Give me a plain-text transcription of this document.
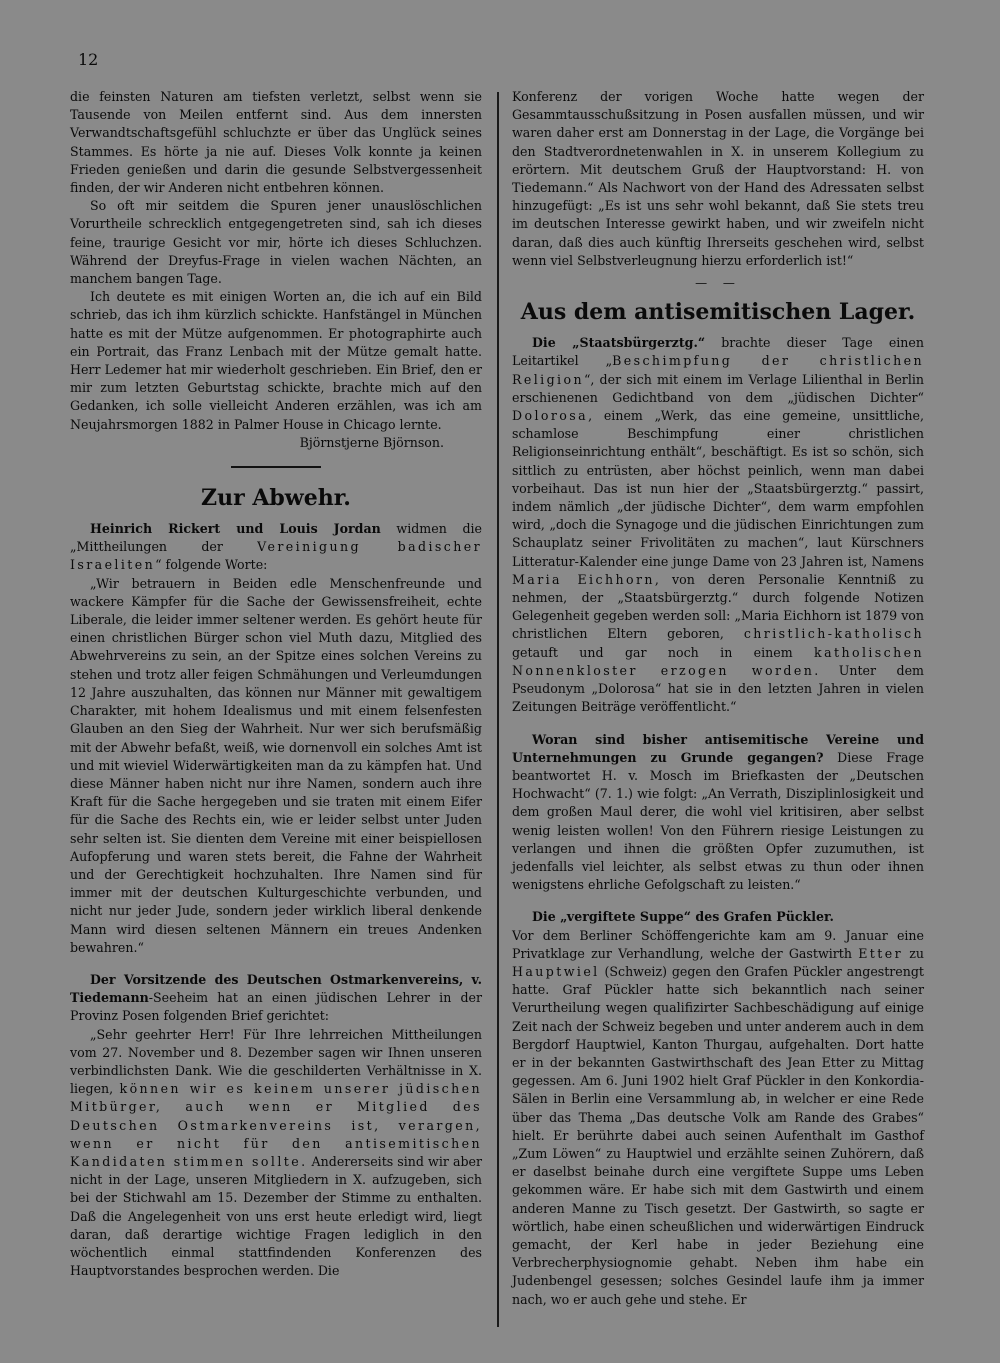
12

die feinsten Naturen am tiefsten verletzt, selbst wenn sie Tausende von Meilen entfernt sind. Aus dem innersten Verwandtschaftsgefühl schluchzte er über das Unglück seines Stammes. Es hörte ja nie auf. Dieses Volk konnte ja keinen Frieden genießen und darin die gesunde Selbstvergessenheit finden, der wir Anderen nicht entbehren können.

So oft mir seitdem die Spuren jener unauslöschlichen Vorurtheile schrecklich entgegengetreten sind, sah ich dieses feine, traurige Gesicht vor mir, hörte ich dieses Schluchzen. Während der Dreyfus-Frage in vielen wachen Nächten, an manchem bangen Tage.

Ich deutete es mit einigen Worten an, die ich auf ein Bild schrieb, das ich ihm kürzlich schickte. Hanfstängel in München hatte es mit der Mütze aufgenommen. Er photographirte auch ein Portrait, das Franz Lenbach mit der Mütze gemalt hatte. Herr Ledemer hat mir wiederholt geschrieben. Ein Brief, den er mir zum letzten Geburtstag schickte, brachte mich auf den Gedanken, ich solle vielleicht Anderen erzählen, was ich am Neujahrsmorgen 1882 in Palmer House in Chicago lernte.

Björnstjerne Björnson.

Zur Abwehr.

Heinrich Rickert und Louis Jordan widmen die „Mittheilungen der Vereinigung badischer Israeliten“ folgende Worte:

„Wir betrauern in Beiden edle Menschenfreunde und wackere Kämpfer für die Sache der Gewissensfreiheit, echte Liberale, die leider immer seltener werden. Es gehört heute für einen christlichen Bürger schon viel Muth dazu, Mitglied des Abwehrvereins zu sein, an der Spitze eines solchen Vereins zu stehen und trotz aller feigen Schmähungen und Verleumdungen 12 Jahre auszuhalten, das können nur Männer mit gewaltigem Charakter, mit hohem Idealismus und mit einem felsenfesten Glauben an den Sieg der Wahrheit. Nur wer sich berufsmäßig mit der Abwehr befaßt, weiß, wie dornenvoll ein solches Amt ist und mit wieviel Widerwärtigkeiten man da zu kämpfen hat. Und diese Männer haben nicht nur ihre Namen, sondern auch ihre Kraft für die Sache hergegeben und sie traten mit einem Eifer für die Sache des Rechts ein, wie er leider selbst unter Juden sehr selten ist. Sie dienten dem Vereine mit einer beispiellosen Aufopferung und waren stets bereit, die Fahne der Wahrheit und der Gerechtigkeit hochzuhalten. Ihre Namen sind für immer mit der deutschen Kulturgeschichte verbunden, und nicht nur jeder Jude, sondern jeder wirklich liberal denkende Mann wird diesen seltenen Männern ein treues Andenken bewahren.“

Der Vorsitzende des Deutschen Ostmarkenvereins, v. Tiedemann-Seeheim hat an einen jüdischen Lehrer in der Provinz Posen folgenden Brief gerichtet:

„Sehr geehrter Herr! Für Ihre lehrreichen Mittheilungen vom 27. November und 8. Dezember sagen wir Ihnen unseren verbindlichsten Dank. Wie die geschilderten Verhältnisse in X. liegen, können wir es keinem unserer jüdischen Mitbürger, auch wenn er Mitglied des Deutschen Ostmarkenvereins ist, verargen, wenn er nicht für den antisemitischen Kandidaten stimmen sollte. Andererseits sind wir aber nicht in der Lage, unseren Mitgliedern in X. aufzugeben, sich bei der Stichwahl am 15. Dezember der Stimme zu enthalten. Daß die Angelegenheit von uns erst heute erledigt wird, liegt daran, daß derartige wichtige Fragen lediglich in den wöchentlich einmal stattfindenden Konferenzen des Hauptvorstandes besprochen werden. Die

Konferenz der vorigen Woche hatte wegen der Gesammtausschußsitzung in Posen ausfallen müssen, und wir waren daher erst am Donnerstag in der Lage, die Vorgänge bei den Stadtverordnetenwahlen in X. in unserem Kollegium zu erörtern. Mit deutschem Gruß der Hauptvorstand: H. von Tiedemann.“ Als Nachwort von der Hand des Adressaten selbst hinzugefügt: „Es ist uns sehr wohl bekannt, daß Sie stets treu im deutschen Interesse gewirkt haben, und wir zweifeln nicht daran, daß dies auch künftig Ihrerseits geschehen wird, selbst wenn viel Selbstverleugnung hierzu erforderlich ist!“

— —
Aus dem antisemitischen Lager.

Die „Staatsbürgerztg.“ brachte dieser Tage einen Leitartikel „Beschimpfung der christlichen Religion“, der sich mit einem im Verlage Lilienthal in Berlin erschienenen Gedichtband von dem „jüdischen Dichter“ Dolorosa, einem „Werk, das eine gemeine, unsittliche, schamlose Beschimpfung einer christlichen Religionseinrichtung enthält“, beschäftigt. Es ist so schön, sich sittlich zu entrüsten, aber höchst peinlich, wenn man dabei vorbeihaut. Das ist nun hier der „Staatsbürgerztg.“ passirt, indem nämlich „der jüdische Dichter“, dem warm empfohlen wird, „doch die Synagoge und die jüdischen Einrichtungen zum Schauplatz seiner Frivolitäten zu machen“, laut Kürschners Litteratur-Kalender eine junge Dame von 23 Jahren ist, Namens Maria Eichhorn, von deren Personalie Kenntniß zu nehmen, der „Staatsbürgerztg.“ durch folgende Notizen Gelegenheit gegeben werden soll: „Maria Eichhorn ist 1879 von christlichen Eltern geboren, christlich-katholisch getauft und gar noch in einem katholischen Nonnenkloster erzogen worden. Unter dem Pseudonym „Dolorosa“ hat sie in den letzten Jahren in vielen Zeitungen Beiträge veröffentlicht.“

Woran sind bisher antisemitische Vereine und Unternehmungen zu Grunde gegangen? Diese Frage beantwortet H. v. Mosch im Briefkasten der „Deutschen Hochwacht“ (7. 1.) wie folgt: „An Verrath, Disziplinlosigkeit und dem großen Maul derer, die wohl viel kritisiren, aber selbst wenig leisten wollen! Von den Führern riesige Leistungen zu verlangen und ihnen die größten Opfer zuzumuthen, ist jedenfalls viel leichter, als selbst etwas zu thun oder ihnen wenigstens ehrliche Gefolgschaft zu leisten.“

Die „vergiftete Suppe“ des Grafen Pückler.
Vor dem Berliner Schöffengerichte kam am 9. Januar eine Privatklage zur Verhandlung, welche der Gastwirth Etter zu Hauptwiel (Schweiz) gegen den Grafen Pückler angestrengt hatte. Graf Pückler hatte sich bekanntlich nach seiner Verurtheilung wegen qualifizirter Sachbeschädigung auf einige Zeit nach der Schweiz begeben und unter anderem auch in dem Bergdorf Hauptwiel, Kanton Thurgau, aufgehalten. Dort hatte er in der bekannten Gastwirthschaft des Jean Etter zu Mittag gegessen. Am 6. Juni 1902 hielt Graf Pückler in den Konkordia-Sälen in Berlin eine Versammlung ab, in welcher er eine Rede über das Thema „Das deutsche Volk am Rande des Grabes“ hielt. Er berührte dabei auch seinen Aufenthalt im Gasthof „Zum Löwen“ zu Hauptwiel und erzählte seinen Zuhörern, daß er daselbst beinahe durch eine vergiftete Suppe ums Leben gekommen wäre. Er habe sich mit dem Gastwirth und einem anderen Manne zu Tisch gesetzt. Der Gastwirth, so sagte er wörtlich, habe einen scheußlichen und widerwärtigen Eindruck gemacht, der Kerl habe in jeder Beziehung eine Verbrecherphysiognomie gehabt. Neben ihm habe ein Judenbengel gesessen; solches Gesindel laufe ihm ja immer nach, wo er auch gehe und stehe. Er
